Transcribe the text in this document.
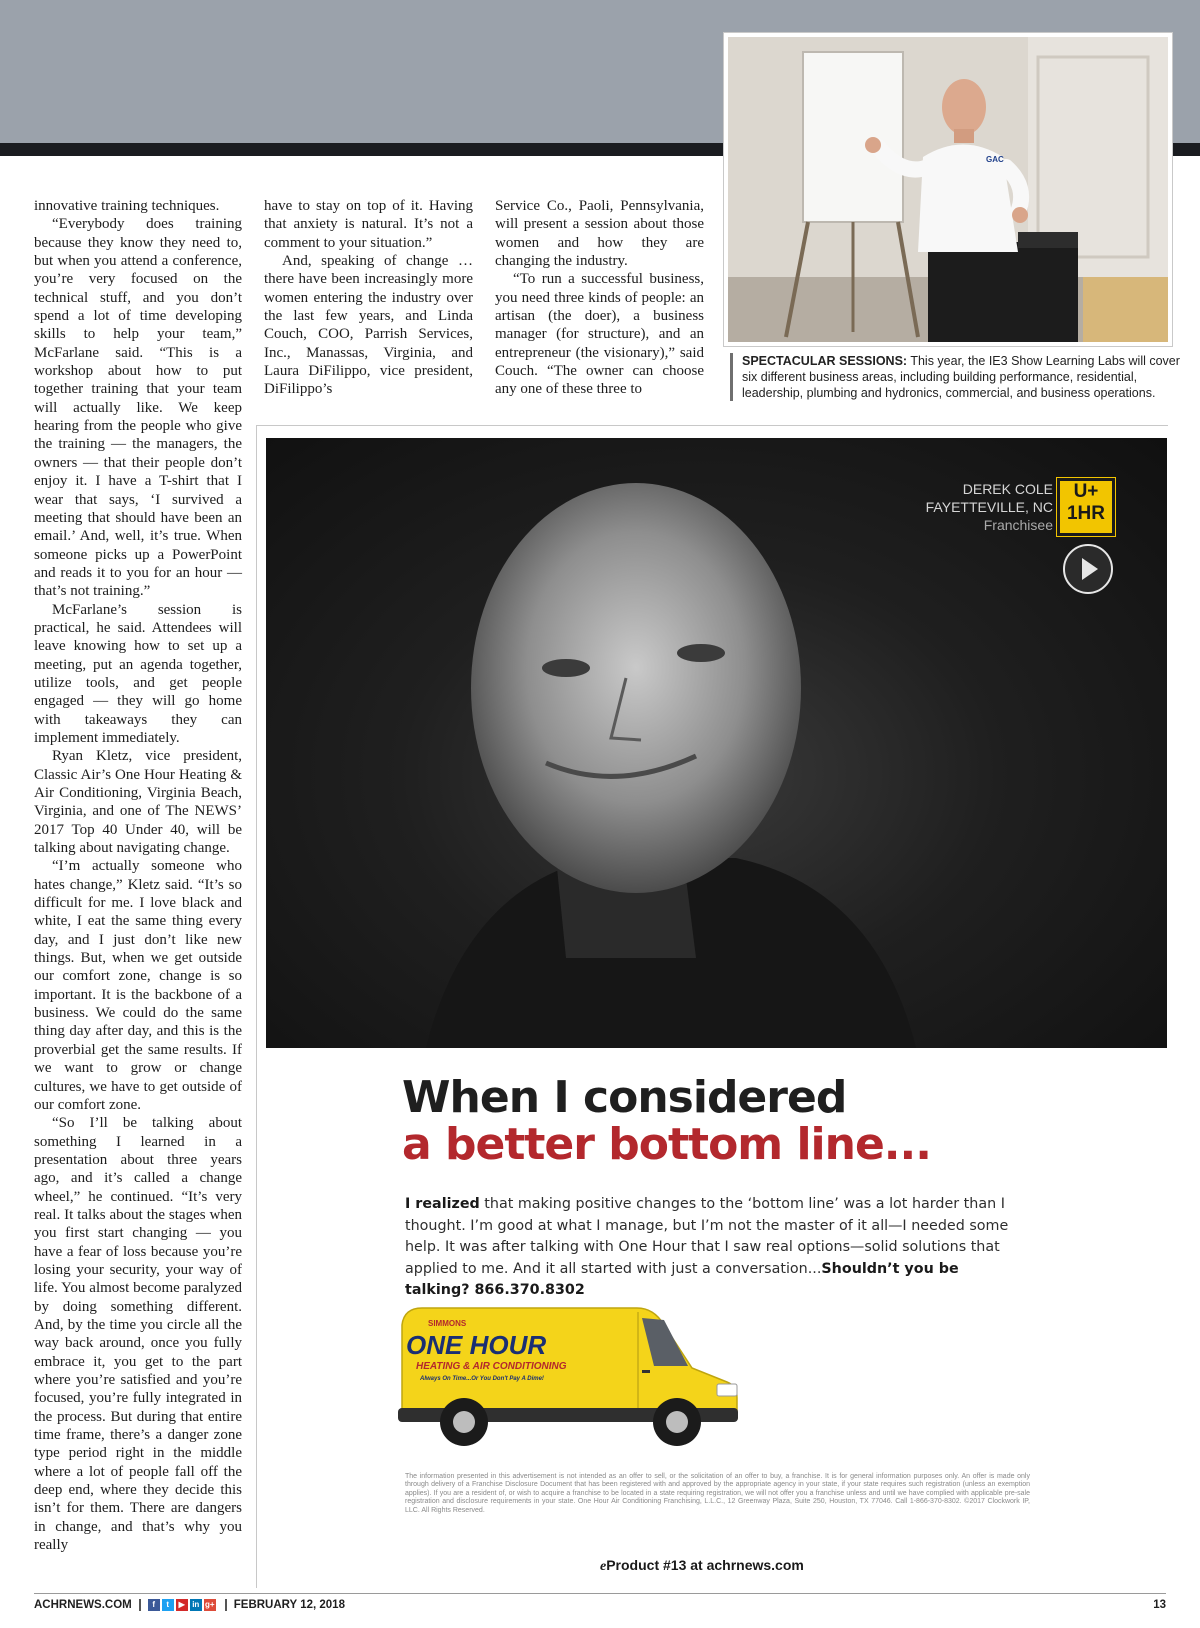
innovative training techniques.

“Everybody does training because they know they need to, but when you attend a conference, you’re very focused on the technical stuff, and you don’t spend a lot of time developing skills to help your team,” McFarlane said. “This is a workshop about how to put together training that your team will actually like. We keep hearing from the people who give the training — the managers, the owners — that their people don’t enjoy it. I have a T-shirt that I wear that says, ‘I survived a meeting that should have been an email.’ And, well, it’s true. When someone picks up a PowerPoint and reads it to you for an hour — that’s not training.”

McFarlane’s session is practical, he said. Attendees will leave knowing how to set up a meeting, put an agenda together, utilize tools, and get people engaged — they will go home with takeaways they can implement immediately.

Ryan Kletz, vice president, Classic Air’s One Hour Heating & Air Conditioning, Virginia Beach, Virginia, and one of The NEWS’ 2017 Top 40 Under 40, will be talking about navigating change.

“I’m actually someone who hates change,” Kletz said. “It’s so difficult for me. I love black and white, I eat the same thing every day, and I just don’t like new things. But, when we get outside our comfort zone, change is so important. It is the backbone of a business. We could do the same thing day after day, and this is the proverbial get the same results. If we want to grow or change cultures, we have to get outside of our comfort zone.

“So I’ll be talking about something I learned in a presentation about three years ago, and it’s called a change wheel,” he continued. “It’s very real. It talks about the stages when you first start changing — you have a fear of loss because you’re losing your security, your way of life. You almost become paralyzed by doing something different. And, by the time you circle all the way back around, once you fully embrace it, you get to the part where you’re satisfied and you’re focused, you’re fully integrated in the process. But during that entire time frame, there’s a danger zone type period right in the middle where a lot of people fall off the deep end, where they decide this isn’t for them. There are dangers in change, and that’s why you really

have to stay on top of it. Having that anxiety is natural. It’s not a comment to your situation.”

And, speaking of change … there have been increasingly more women entering the industry over the last few years, and Linda Couch, COO, Parrish Services, Inc., Manassas, Virginia, and Laura DiFilippo, vice president, DiFilippo’s

Service Co., Paoli, Pennsylvania, will present a session about those women and how they are changing the industry.

“To run a successful business, you need three kinds of people: an artisan (the doer), a business manager (for structure), and an entrepreneur (the visionary),” said Couch. “The owner can choose any one of these three to

GAC
SPECTACULAR SESSIONS: This year, the IE3 Show Learning Labs will cover six different business areas, including building performance, residential, leadership, plumbing and hydronics, commercial, and business operations.
DEREK COLE
FAYETTEVILLE, NC
Franchisee
U+
1HR
When I considered
a better bottom line...
I realized that making positive changes to the ‘bottom line’ was a lot harder than I thought. I’m good at what I manage, but I’m not the master of it all—I needed some help. It was after talking with One Hour that I saw real options—solid solutions that applied to me. And it all started with just a conversation...Shouldn’t you be talking? 866.370.8302
SIMMONS
ONE HOUR
HEATING & AIR CONDITIONING
Always On Time...Or You Don't Pay A Dime!
The information presented in this advertisement is not intended as an offer to sell, or the solicitation of an offer to buy, a franchise. It is for general information purposes only. An offer is made only through delivery of a Franchise Disclosure Document that has been registered with and approved by the appropriate agency in your state, if your state requires such registration (unless an exemption applies). If you are a resident of, or wish to acquire a franchise to be located in a state requiring registration, we will not offer you a franchise unless and until we have complied with applicable pre-sale registration and disclosure requirements in your state. One Hour Air Conditioning Franchising, L.L.C., 12 Greenway Plaza, Suite 250, Houston, TX 77046. Call 1-866-370-8302. ©2017 Clockwork IP, LLC. All Rights Reserved.
eProduct #13 at achrnews.com
ACHRNEWS.COM	f	t	▶ in g+ FEBRUARY 12, 2018	13
